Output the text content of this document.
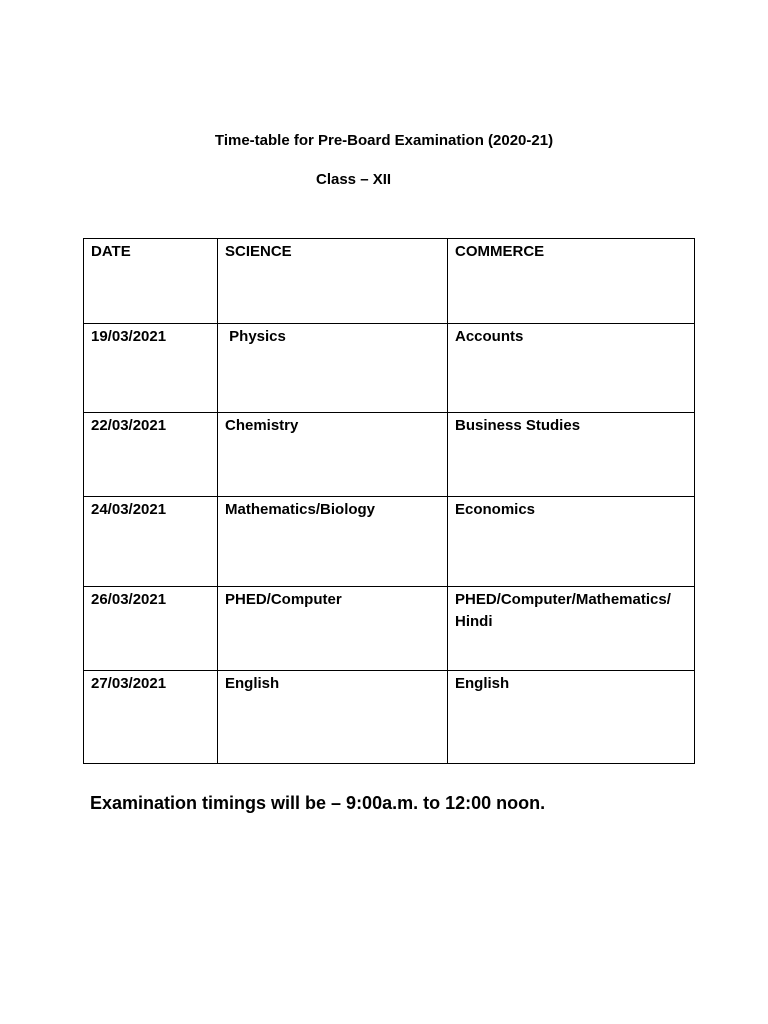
Time-table for Pre-Board Examination (2020-21)
Class – XII
DATE	SCIENCE	COMMERCE
19/03/2021	Physics	Accounts
22/03/2021	Chemistry	Business Studies
24/03/2021	Mathematics/Biology	Economics
26/03/2021	PHED/Computer	PHED/Computer/Mathematics/ Hindi
27/03/2021	English	English
Examination timings will be – 9:00a.m. to 12:00 noon.
